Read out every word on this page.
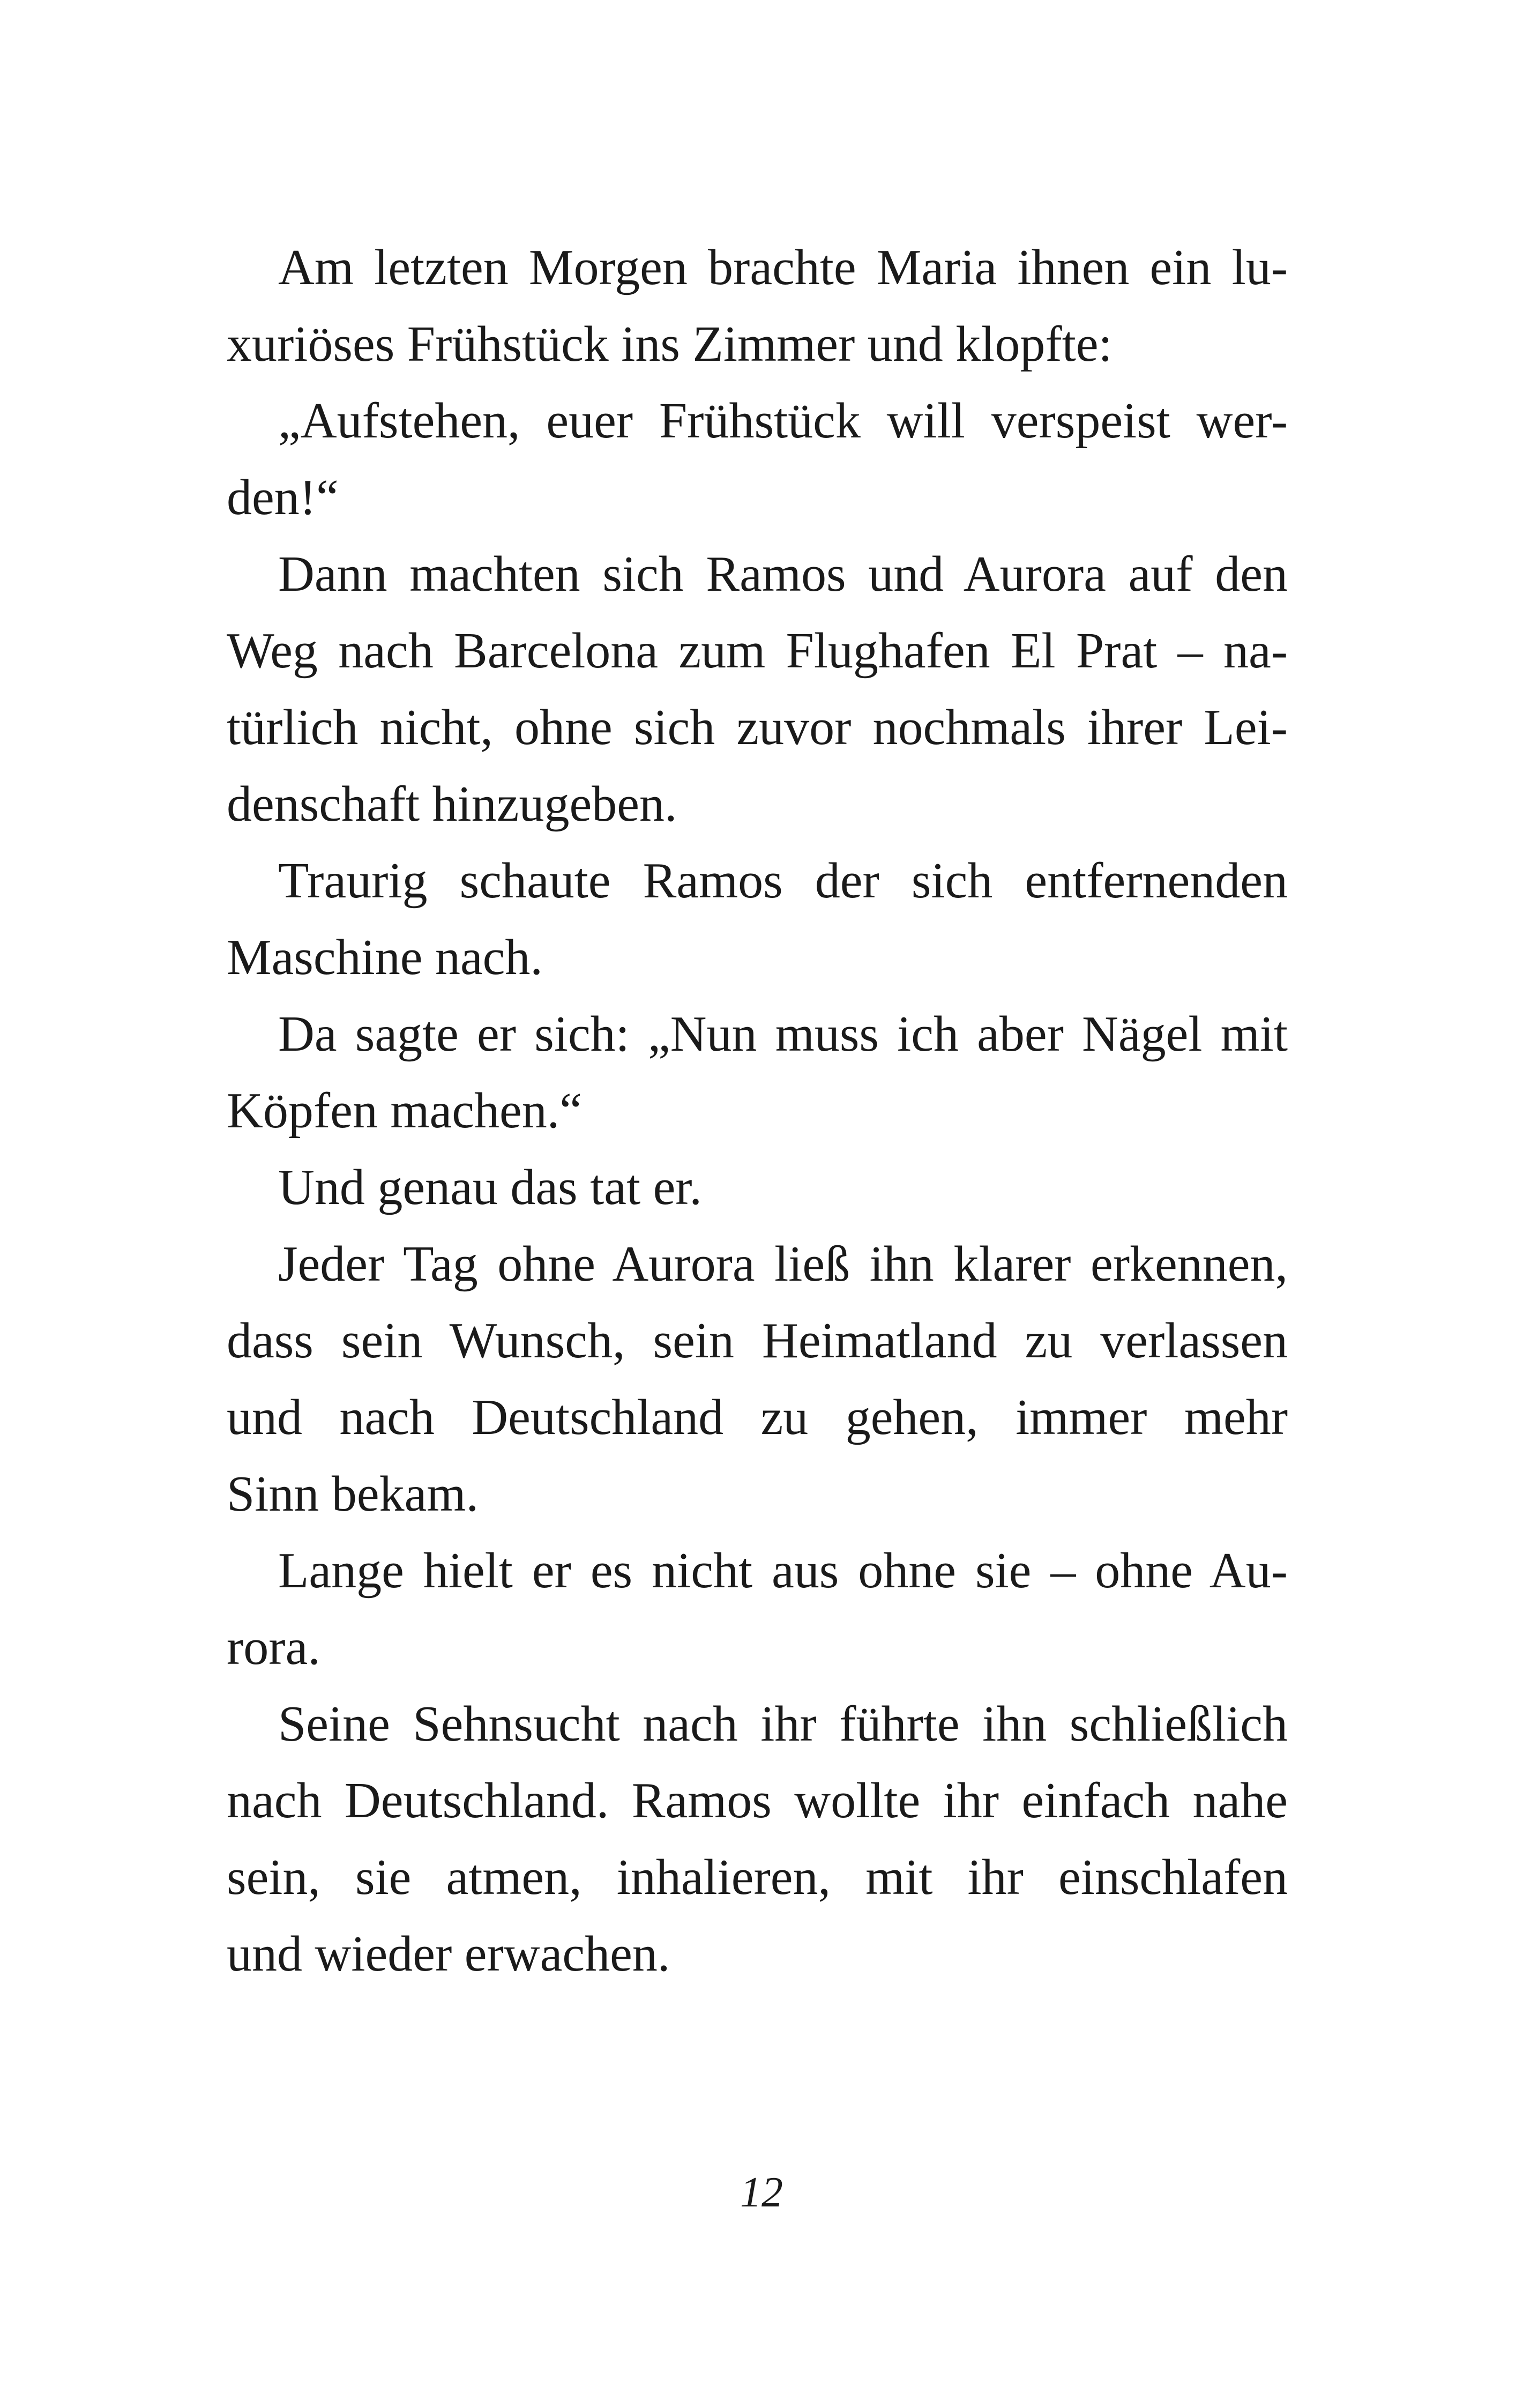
Am letzten Morgen brachte Maria ihnen ein lu-
xuriöses Frühstück ins Zimmer und klopfte:
„Aufstehen, euer Frühstück will verspeist wer-
den!“
Dann machten sich Ramos und Aurora auf den
Weg nach Barcelona zum Flughafen El Prat – na-
türlich nicht, ohne sich zuvor nochmals ihrer Lei-
denschaft hinzugeben.
Traurig schaute Ramos der sich entfernenden
Maschine nach.
Da sagte er sich: „Nun muss ich aber Nägel mit
Köpfen machen.“
Und genau das tat er.
Jeder Tag ohne Aurora ließ ihn klarer erkennen,
dass sein Wunsch, sein Heimatland zu verlassen
und nach Deutschland zu gehen, immer mehr
Sinn bekam.
Lange hielt er es nicht aus ohne sie – ohne Au-
rora.
Seine Sehnsucht nach ihr führte ihn schließlich
nach Deutschland. Ramos wollte ihr einfach nahe
sein, sie atmen, inhalieren, mit ihr einschlafen
und wieder erwachen.
12
